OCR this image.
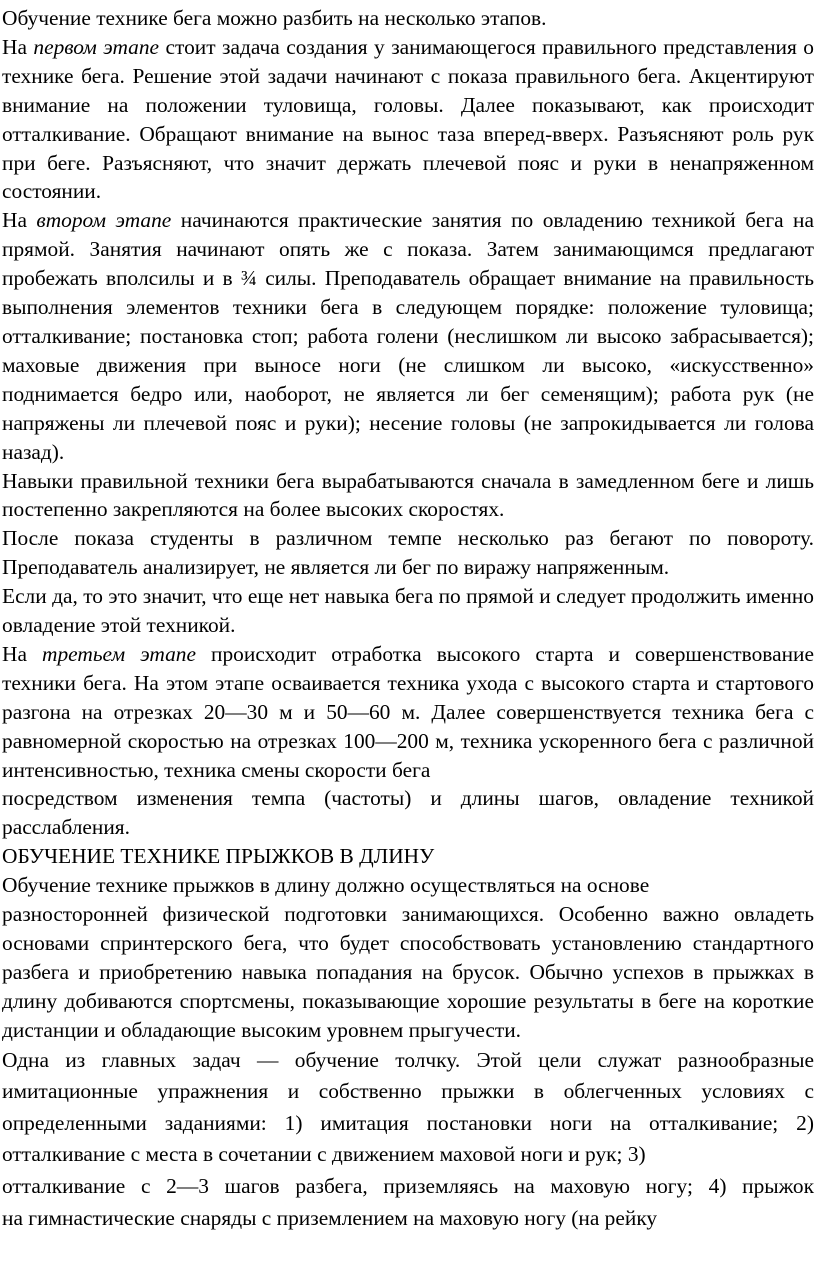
Обучение технике бега можно разбить на несколько этапов.

На первом этапе стоит задача создания у занимающегося правильного представления о технике бега. Решение этой задачи начинают с показа правильного бега. Акцентируют внимание на положении туловища, головы. Далее показывают, как происходит отталкивание. Обращают внимание на вынос таза вперед-вверх. Разъясняют роль рук при беге. Разъясняют, что значит держать плечевой пояс и руки в ненапряженном состоянии.

На втором этапе начинаются практические занятия по овладению техникой бега на прямой. Занятия начинают опять же с показа. Затем занимающимся предлагают пробежать вполсилы и в ¾ силы. Преподаватель обращает внимание на правильность выполнения элементов техники бега в следующем порядке: положение туловища; отталкивание; постановка стоп; работа голени (неслишком ли высоко забрасывается); маховые движения при выносе ноги (не слишком ли высоко, «искусственно» поднимается бедро или, наоборот, не является ли бег семенящим); работа рук (не напряжены ли плечевой пояс и руки); несение головы (не запрокидывается ли голова назад).

Навыки правильной техники бега вырабатываются сначала в замедленном беге и лишь постепенно закрепляются на более высоких скоростях.

После показа студенты в различном темпе несколько раз бегают по повороту. Преподаватель анализирует, не является ли бег по виражу напряженным.

Если да, то это значит, что еще нет навыка бега по прямой и следует продолжить именно овладение этой техникой.

На третьем этапе происходит отработка высокого старта и совершенствование техники бега. На этом этапе осваивается техника ухода с высокого старта и стартового разгона на отрезках 20—30 м и 50—60 м. Далее совершенствуется техника бега с равномерной скоростью на отрезках 100—200 м, техника ускоренного бега с различной интенсивностью, техника смены скорости бега

посредством изменения темпа (частоты) и длины шагов, овладение техникой расслабления.

ОБУЧЕНИЕ ТЕХНИКЕ ПРЫЖКОВ В ДЛИНУ

Обучение технике прыжков в длину должно осуществляться на основе

разносторонней физической подготовки занимающихся. Особенно важно овладеть основами спринтерского бега, что будет способствовать установлению стандартного разбега и приобретению навыка попадания на брусок. Обычно успехов в прыжках в длину добиваются спортсмены, показывающие хорошие результаты в беге на короткие дистанции и обладающие высоким уровнем прыгучести.

Одна из главных задач — обучение толчку. Этой цели служат разнообразные
имитационные упражнения и собственно прыжки в облегченных условиях с
определенными заданиями: 1) имитация постановки ноги на отталкивание; 2)
отталкивание с места в сочетании с движением маховой ноги и рук; 3)
отталкивание с 2—3 шагов разбега, приземляясь на маховую ногу; 4) прыжок
на гимнастические снаряды с приземлением на маховую ногу (на рейку
